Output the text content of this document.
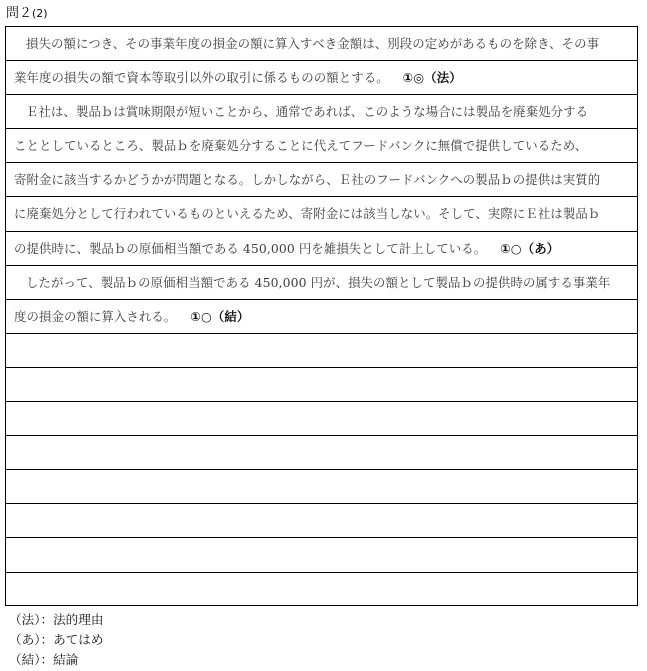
問２(2)
損失の額につき、その事業年度の損金の額に算入すべき金額は、別段の定めがあるものを除き、その事
業年度の損失の額で資本等取引以外の取引に係るものの額とする。 ①◎（法）
Ｅ社は、製品ｂは賞味期限が短いことから、通常であれば、このような場合には製品を廃棄処分する
こととしているところ、製品ｂを廃棄処分することに代えてフードバンクに無償で提供しているため、
寄附金に該当するかどうかが問題となる。しかしながら、Ｅ社のフードバンクへの製品ｂの提供は実質的
に廃棄処分として行われているものといえるため、寄附金には該当しない。そして、実際にＥ社は製品ｂ
の提供時に、製品ｂの原価相当額である 450,000 円を雑損失として計上している。 ①○（あ）
したがって、製品ｂの原価相当額である 450,000 円が、損失の額として製品ｂの提供時の属する事業年
度の損金の額に算入される。 ①○（結）
（法）：法的理由
（あ）：あてはめ
（結）：結論
